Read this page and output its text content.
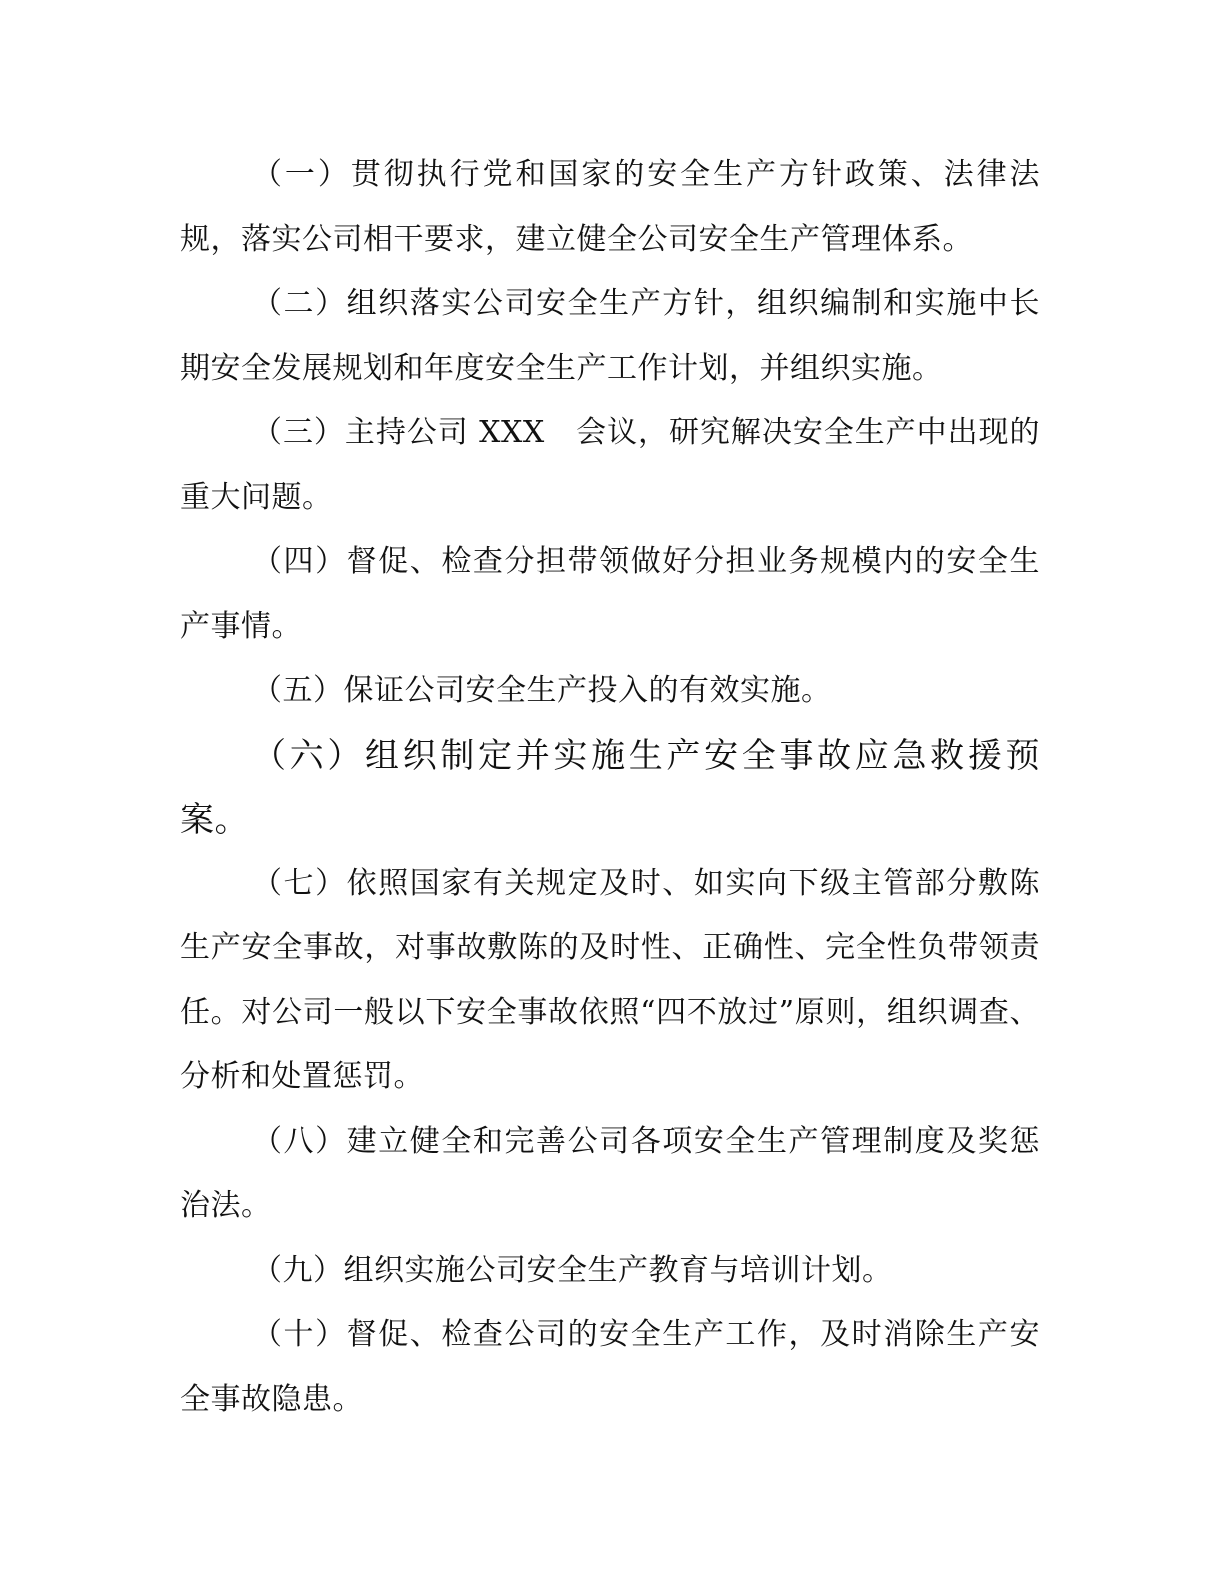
（一）贯彻执行党和国家的安全生产方针政策、法律法规，落实公司相干要求，建立健全公司安全生产管理体系。

（二）组织落实公司安全生产方针，组织编制和实施中长期安全发展规划和年度安全生产工作计划，并组织实施。

（三）主持公司 XXX　会议，研究解决安全生产中出现的重大问题。

（四）督促、检查分担带领做好分担业务规模内的安全生产事情。

（五）保证公司安全生产投入的有效实施。

（六）组织制定并实施生产安全事故应急救援预案。

（七）依照国家有关规定及时、如实向下级主管部分敷陈生产安全事故，对事故敷陈的及时性、正确性、完全性负带领责任。对公司一般以下安全事故依照“四不放过”原则，组织调查、分析和处置惩罚。

（八）建立健全和完善公司各项安全生产管理制度及奖惩治法。

（九）组织实施公司安全生产教育与培训计划。

（十）督促、检查公司的安全生产工作，及时消除生产安全事故隐患。
